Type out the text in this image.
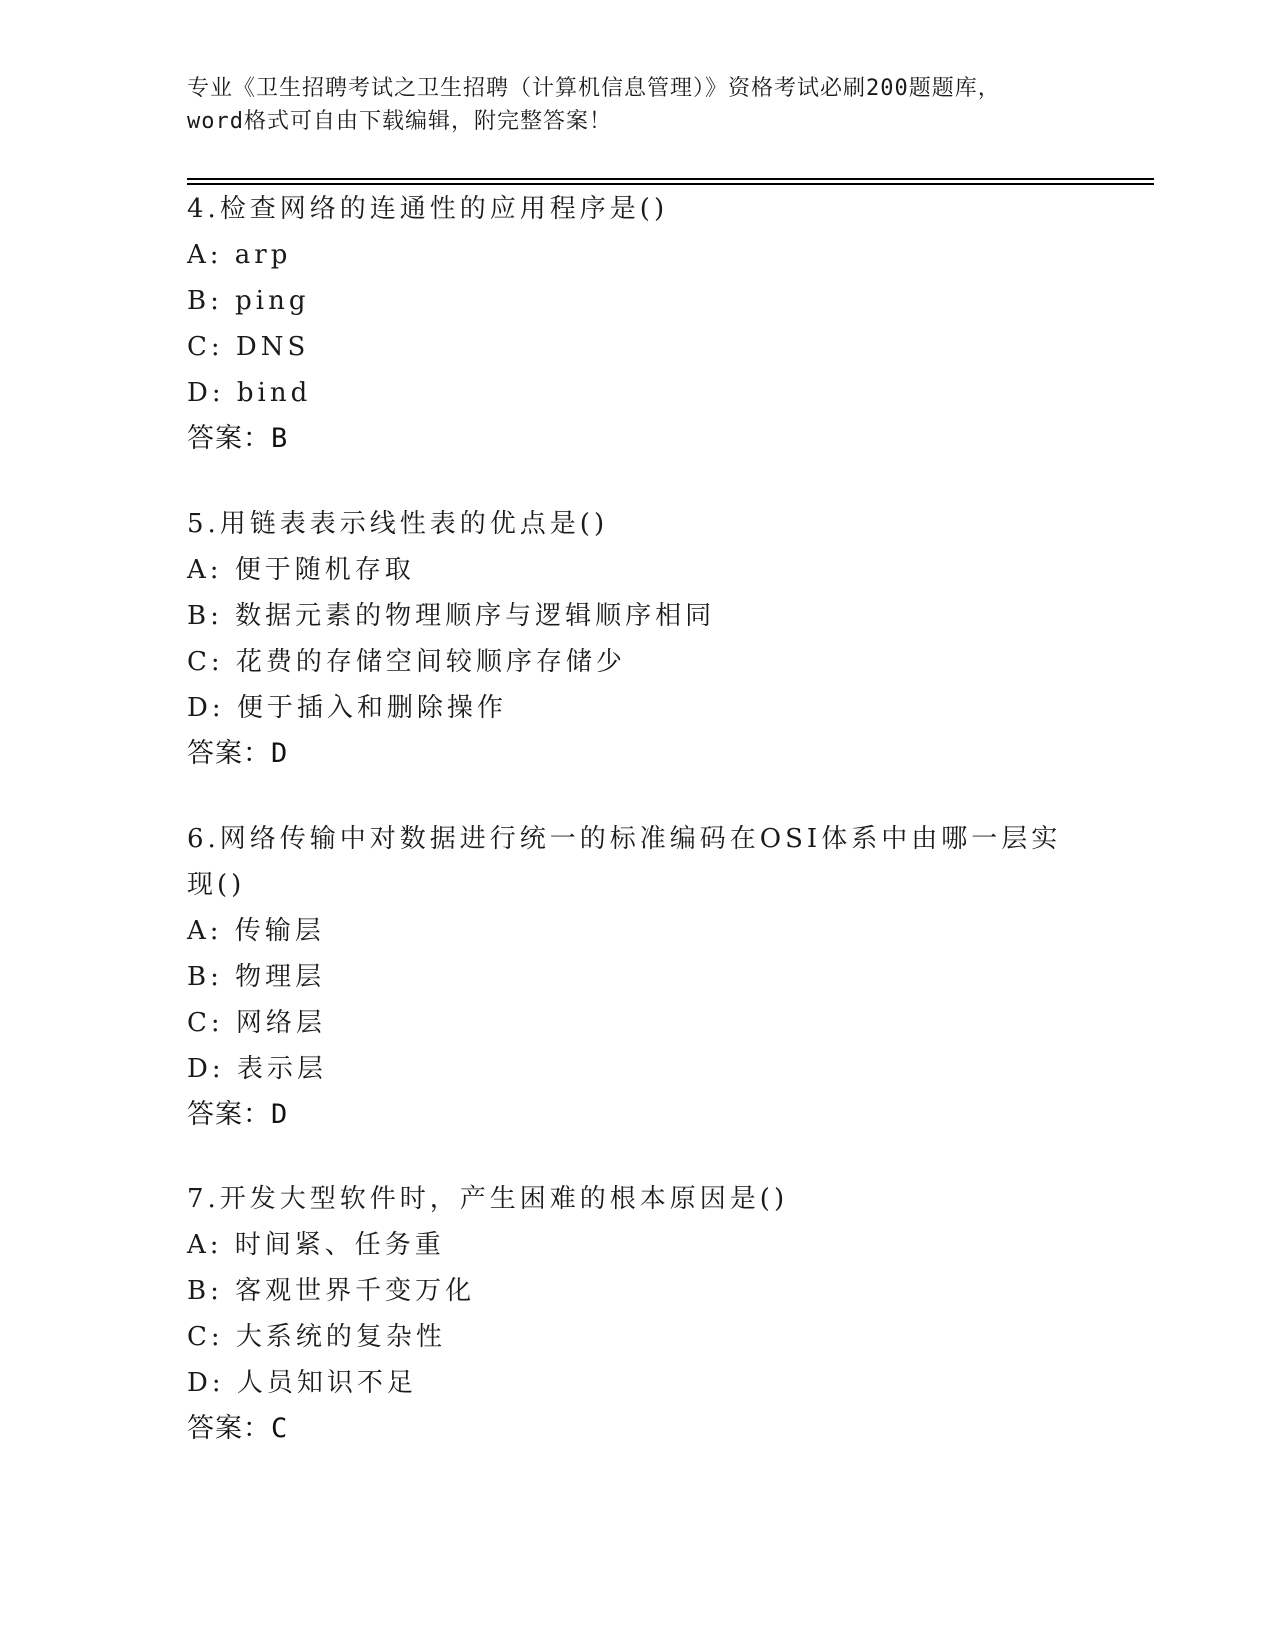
专业《卫生招聘考试之卫生招聘（计算机信息管理）》资格考试必刷200题题库，
word格式可自由下载编辑，附完整答案！
4.检查网络的连通性的应用程序是()
A: arp
B: ping
C: DNS
D: bind
答案：B
5.用链表表示线性表的优点是()
A: 便于随机存取
B: 数据元素的物理顺序与逻辑顺序相同
C: 花费的存储空间较顺序存储少
D: 便于插入和删除操作
答案：D
6.网络传输中对数据进行统一的标准编码在OSI体系中由哪一层实现()
A: 传输层
B: 物理层
C: 网络层
D: 表示层
答案：D
7.开发大型软件时，产生困难的根本原因是()
A: 时间紧、任务重
B: 客观世界千变万化
C: 大系统的复杂性
D: 人员知识不足
答案：C
